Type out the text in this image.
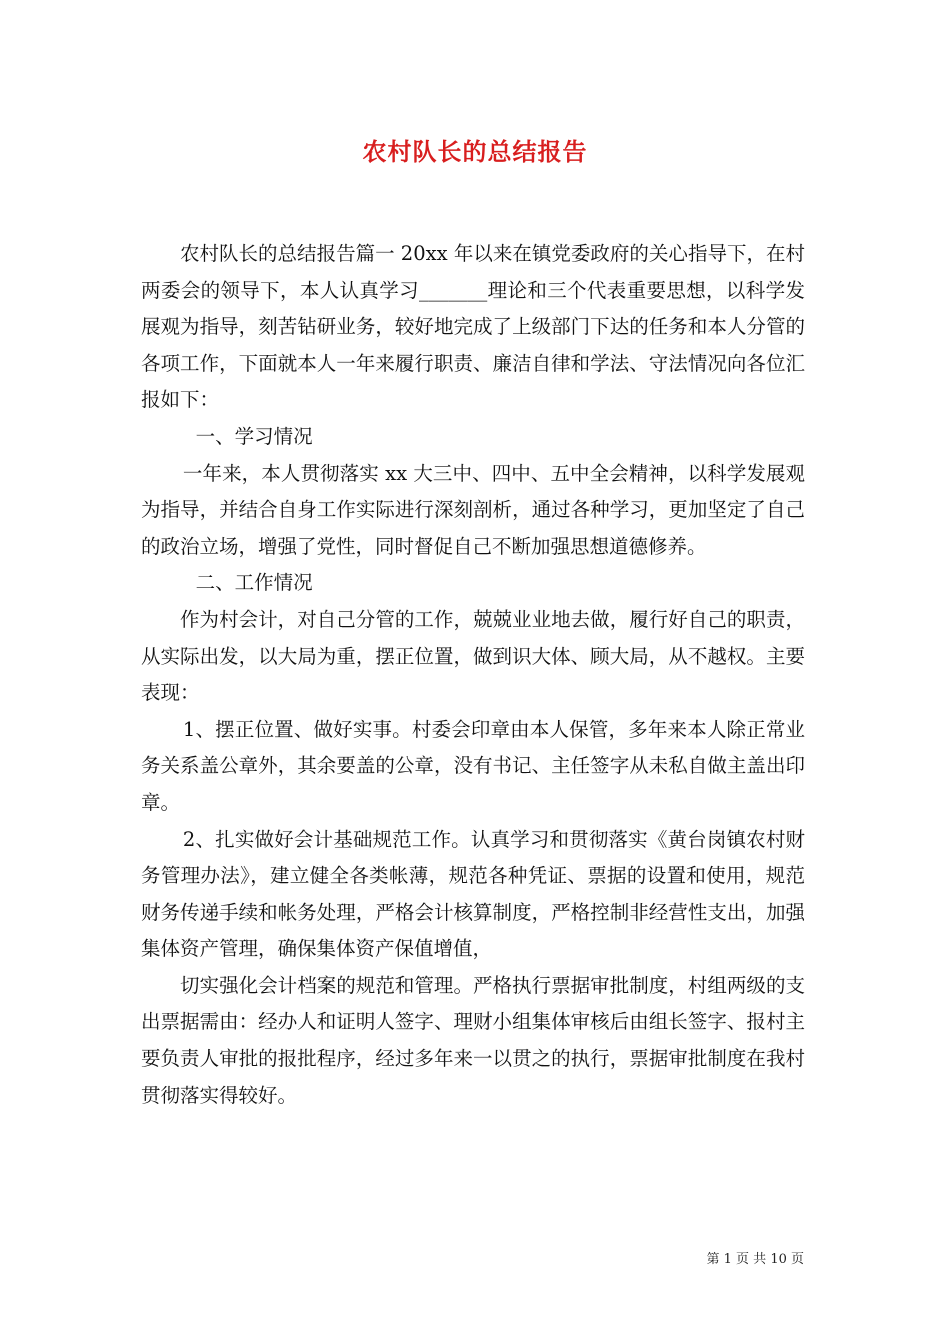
农村队长的总结报告

农村队长的总结报告篇一 20xx 年以来在镇党委政府的关心指导下，在村两委会的领导下，本人认真学习_______理论和三个代表重要思想，以科学发展观为指导，刻苦钻研业务，较好地完成了上级部门下达的任务和本人分管的各项工作，下面就本人一年来履行职责、廉洁自律和学法、守法情况向各位汇报如下：

一、学习情况

一年来，本人贯彻落实 xx 大三中、四中、五中全会精神，以科学发展观为指导，并结合自身工作实际进行深刻剖析，通过各种学习，更加坚定了自己的政治立场，增强了党性，同时督促自己不断加强思想道德修养。

二、工作情况

作为村会计，对自己分管的工作，兢兢业业地去做，履行好自己的职责，从实际出发，以大局为重，摆正位置，做到识大体、顾大局，从不越权。主要表现：

1、摆正位置、做好实事。村委会印章由本人保管，多年来本人除正常业务关系盖公章外，其余要盖的公章，没有书记、主任签字从未私自做主盖出印章。

2、扎实做好会计基础规范工作。认真学习和贯彻落实《黄台岗镇农村财务管理办法》，建立健全各类帐薄，规范各种凭证、票据的设置和使用，规范财务传递手续和帐务处理，严格会计核算制度，严格控制非经营性支出，加强集体资产管理，确保集体资产保值增值，

切实强化会计档案的规范和管理。严格执行票据审批制度，村组两级的支出票据需由：经办人和证明人签字、理财小组集体审核后由组长签字、报村主要负责人审批的报批程序，经过多年来一以贯之的执行，票据审批制度在我村贯彻落实得较好。

第 1 页 共 10 页
